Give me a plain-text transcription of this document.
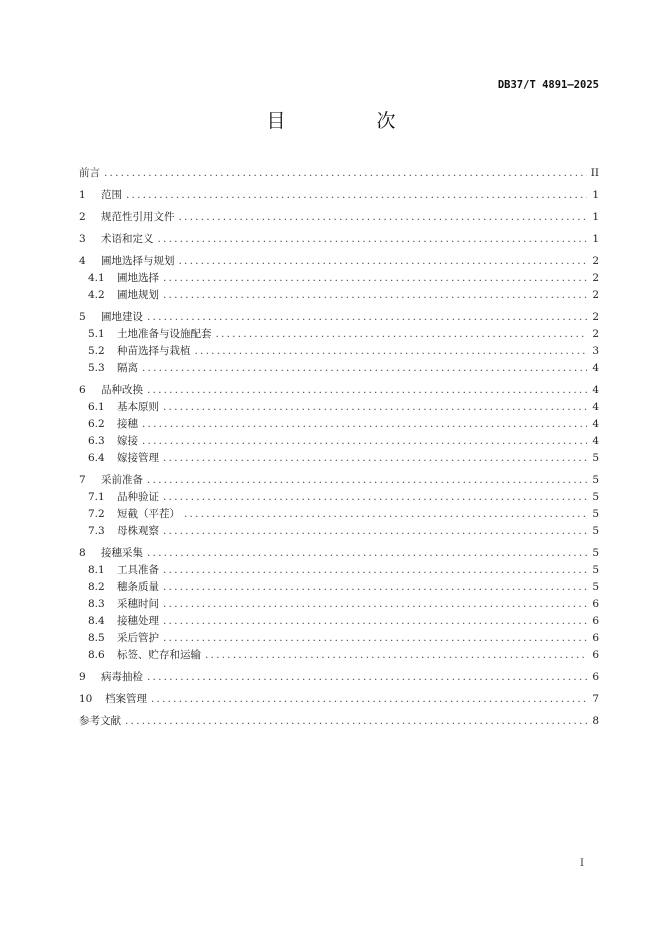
DB37/T 4891—2025
目　次
前言 .....	II
1	范围 .....	1
2	规范性引用文件 .....	1
3	术语和定义 .....	1
4	圃地选择与规划 .....	2
4.1	圃地选择 .....	2
4.2	圃地规划 .....	2
5	圃地建设 .....	2
5.1	土地准备与设施配套 .....	2
5.2	种苗选择与栽植 .....	3
5.3	隔离 .....	4
6	品种改换 .....	4
6.1	基本原则 .....	4
6.2	接穗 .....	4
6.3	嫁接 .....	4
6.4	嫁接管理 .....	5
7	采前准备 .....	5
7.1	品种验证 .....	5
7.2	短截（平茬） .....	5
7.3	母株观察 .....	5
8	接穗采集 .....	5
8.1	工具准备 .....	5
8.2	穗条质量 .....	5
8.3	采穗时间 .....	6
8.4	接穗处理 .....	6
8.5	采后管护 .....	6
8.6	标签、贮存和运输 .....	6
9	病毒抽检 .....	6
10	档案管理 .....	7
参考文献 .....	8
I
